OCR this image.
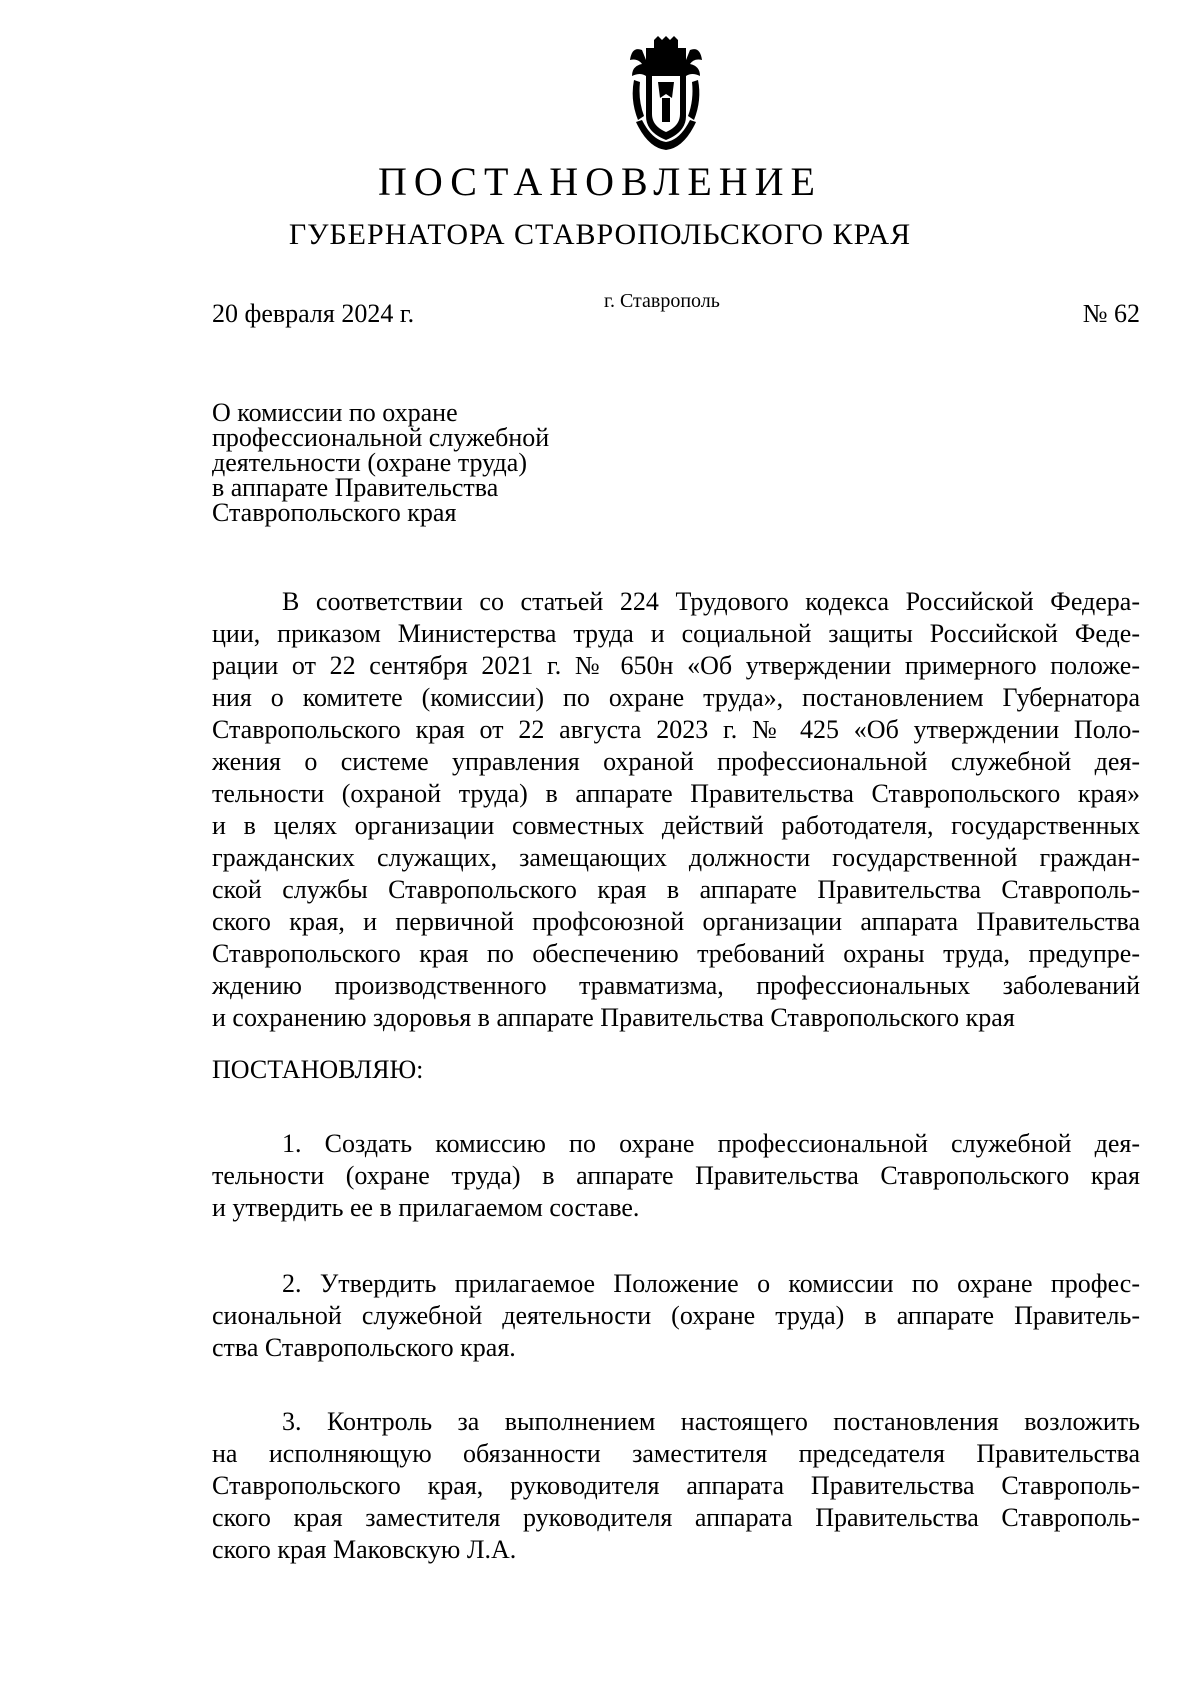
ПОСТАНОВЛЕНИЕ
ГУБЕРНАТОРА СТАВРОПОЛЬСКОГО КРАЯ
20 февраля 2024 г.	г. Ставрополь	№ 62
О комиссии по охране
профессиональной служебной
деятельности (охране труда)
в аппарате Правительства
Ставропольского края
В соответствии со статьей 224 Трудового кодекса Российской Федера-
ции, приказом Министерства труда и социальной защиты Российской Феде-
рации от 22 сентября 2021 г. № 650н «Об утверждении примерного положе-
ния о комитете (комиссии) по охране труда», постановлением Губернатора
Ставропольского края от 22 августа 2023 г. № 425 «Об утверждении Поло-
жения о системе управления охраной профессиональной служебной дея-
тельности (охраной труда) в аппарате Правительства Ставропольского края»
и в целях организации совместных действий работодателя, государственных
гражданских служащих, замещающих должности государственной граждан-
ской службы Ставропольского края в аппарате Правительства Ставрополь-
ского края, и первичной профсоюзной организации аппарата Правительства
Ставропольского края по обеспечению требований охраны труда, предупре-
ждению производственного травматизма, профессиональных заболеваний
и сохранению здоровья в аппарате Правительства Ставропольского края
ПОСТАНОВЛЯЮ:
1. Создать комиссию по охране профессиональной служебной дея-
тельности (охране труда) в аппарате Правительства Ставропольского края
и утвердить ее в прилагаемом составе.
2. Утвердить прилагаемое Положение о комиссии по охране профес-
сиональной служебной деятельности (охране труда) в аппарате Правитель-
ства Ставропольского края.
3. Контроль за выполнением настоящего постановления возложить
на исполняющую обязанности заместителя председателя Правительства
Ставропольского края, руководителя аппарата Правительства Ставрополь-
ского края заместителя руководителя аппарата Правительства Ставрополь-
ского края Маковскую Л.А.
